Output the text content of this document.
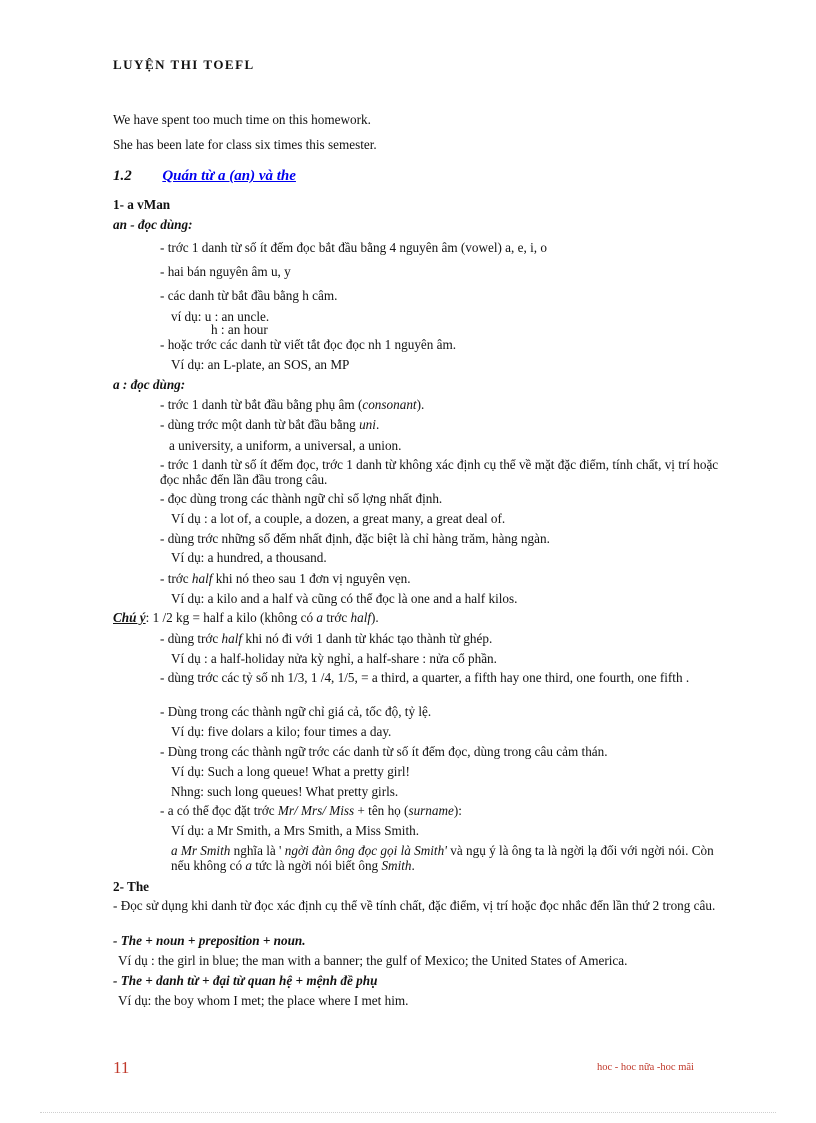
LUYỆN THI TOEFL
We have spent too much time on this homework.
She has been late for class six times this semester.
1.2 Quán từ a (an) và the
1- a vMan
an - đọc dùng:
- trớc 1 danh từ số ít đếm đọc bắt đầu bằng 4 nguyên âm (vowel) a, e, i, o
- hai bán nguyên âm u, y
- các danh từ bắt đầu bằng h câm.
ví dụ: u : an uncle.
h : an hour
- hoặc trớc các danh từ viết tắt đọc đọc nh 1 nguyên âm.
Ví dụ: an L-plate, an SOS, an MP
a : đọc dùng:
- trớc 1 danh từ bắt đầu bằng phụ âm (consonant).
- dùng trớc một danh từ bắt đầu bằng uni.
a university, a uniform, a universal, a union.
- trớc 1 danh từ số ít đếm đọc, trớc 1 danh từ không xác định cụ thể về mặt đặc điểm, tính chất, vị trí hoặc đọc nhắc đến lần đầu trong câu.
- đọc dùng trong các thành ngữ chỉ số lợng nhất định.
Ví dụ : a lot of, a couple, a dozen, a great many, a great deal of.
- dùng trớc những số đếm nhất định, đặc biệt là chỉ hàng trăm, hàng ngàn.
Ví dụ: a hundred, a thousand.
- trớc half khi nó theo sau 1 đơn vị nguyên vẹn.
Ví dụ: a kilo and a half và cũng có thể đọc là one and a half kilos.
Chú ý: 1 /2 kg = half a kilo (không có a trớc half).
- dùng trớc half khi nó đi với 1 danh từ khác tạo thành từ ghép.
Ví dụ : a half-holiday nửa kỳ nghỉ, a half-share : nửa cổ phần.
- dùng trớc các tỷ số nh 1/3, 1 /4, 1/5, = a third, a quarter, a fifth hay one third, one fourth, one fifth .
- Dùng trong các thành ngữ chỉ giá cả, tốc độ, tỷ lệ.
Ví dụ: five dolars a kilo; four times a day.
- Dùng trong các thành ngữ trớc các danh từ số ít đếm đọc, dùng trong câu cảm thán.
Ví dụ: Such a long queue! What a pretty girl!
Nhng: such long queues! What pretty girls.
- a có thể đọc đặt trớc Mr/ Mrs/ Miss + tên họ (surname):
Ví dụ: a Mr Smith, a Mrs Smith, a Miss Smith.
a Mr Smith nghĩa là ' ngời đàn ông đọc gọi là Smith' và ngụ ý là ông ta là ngời lạ đối với ngời nói. Còn nếu không có a tức là ngời nói biết ông Smith.
2- The
- Đọc sử dụng khi danh từ đọc xác định cụ thể về tính chất, đặc điểm, vị trí hoặc đọc nhắc đến lần thứ 2 trong câu.
- The + noun + preposition + noun.
Ví dụ : the girl in blue; the man with a banner; the gulf of Mexico; the United States of America.
- The + danh từ + đại từ quan hệ + mệnh đề phụ
Ví dụ: the boy whom I met; the place where I met him.
11	hoc - hoc nữa -hoc mãi
